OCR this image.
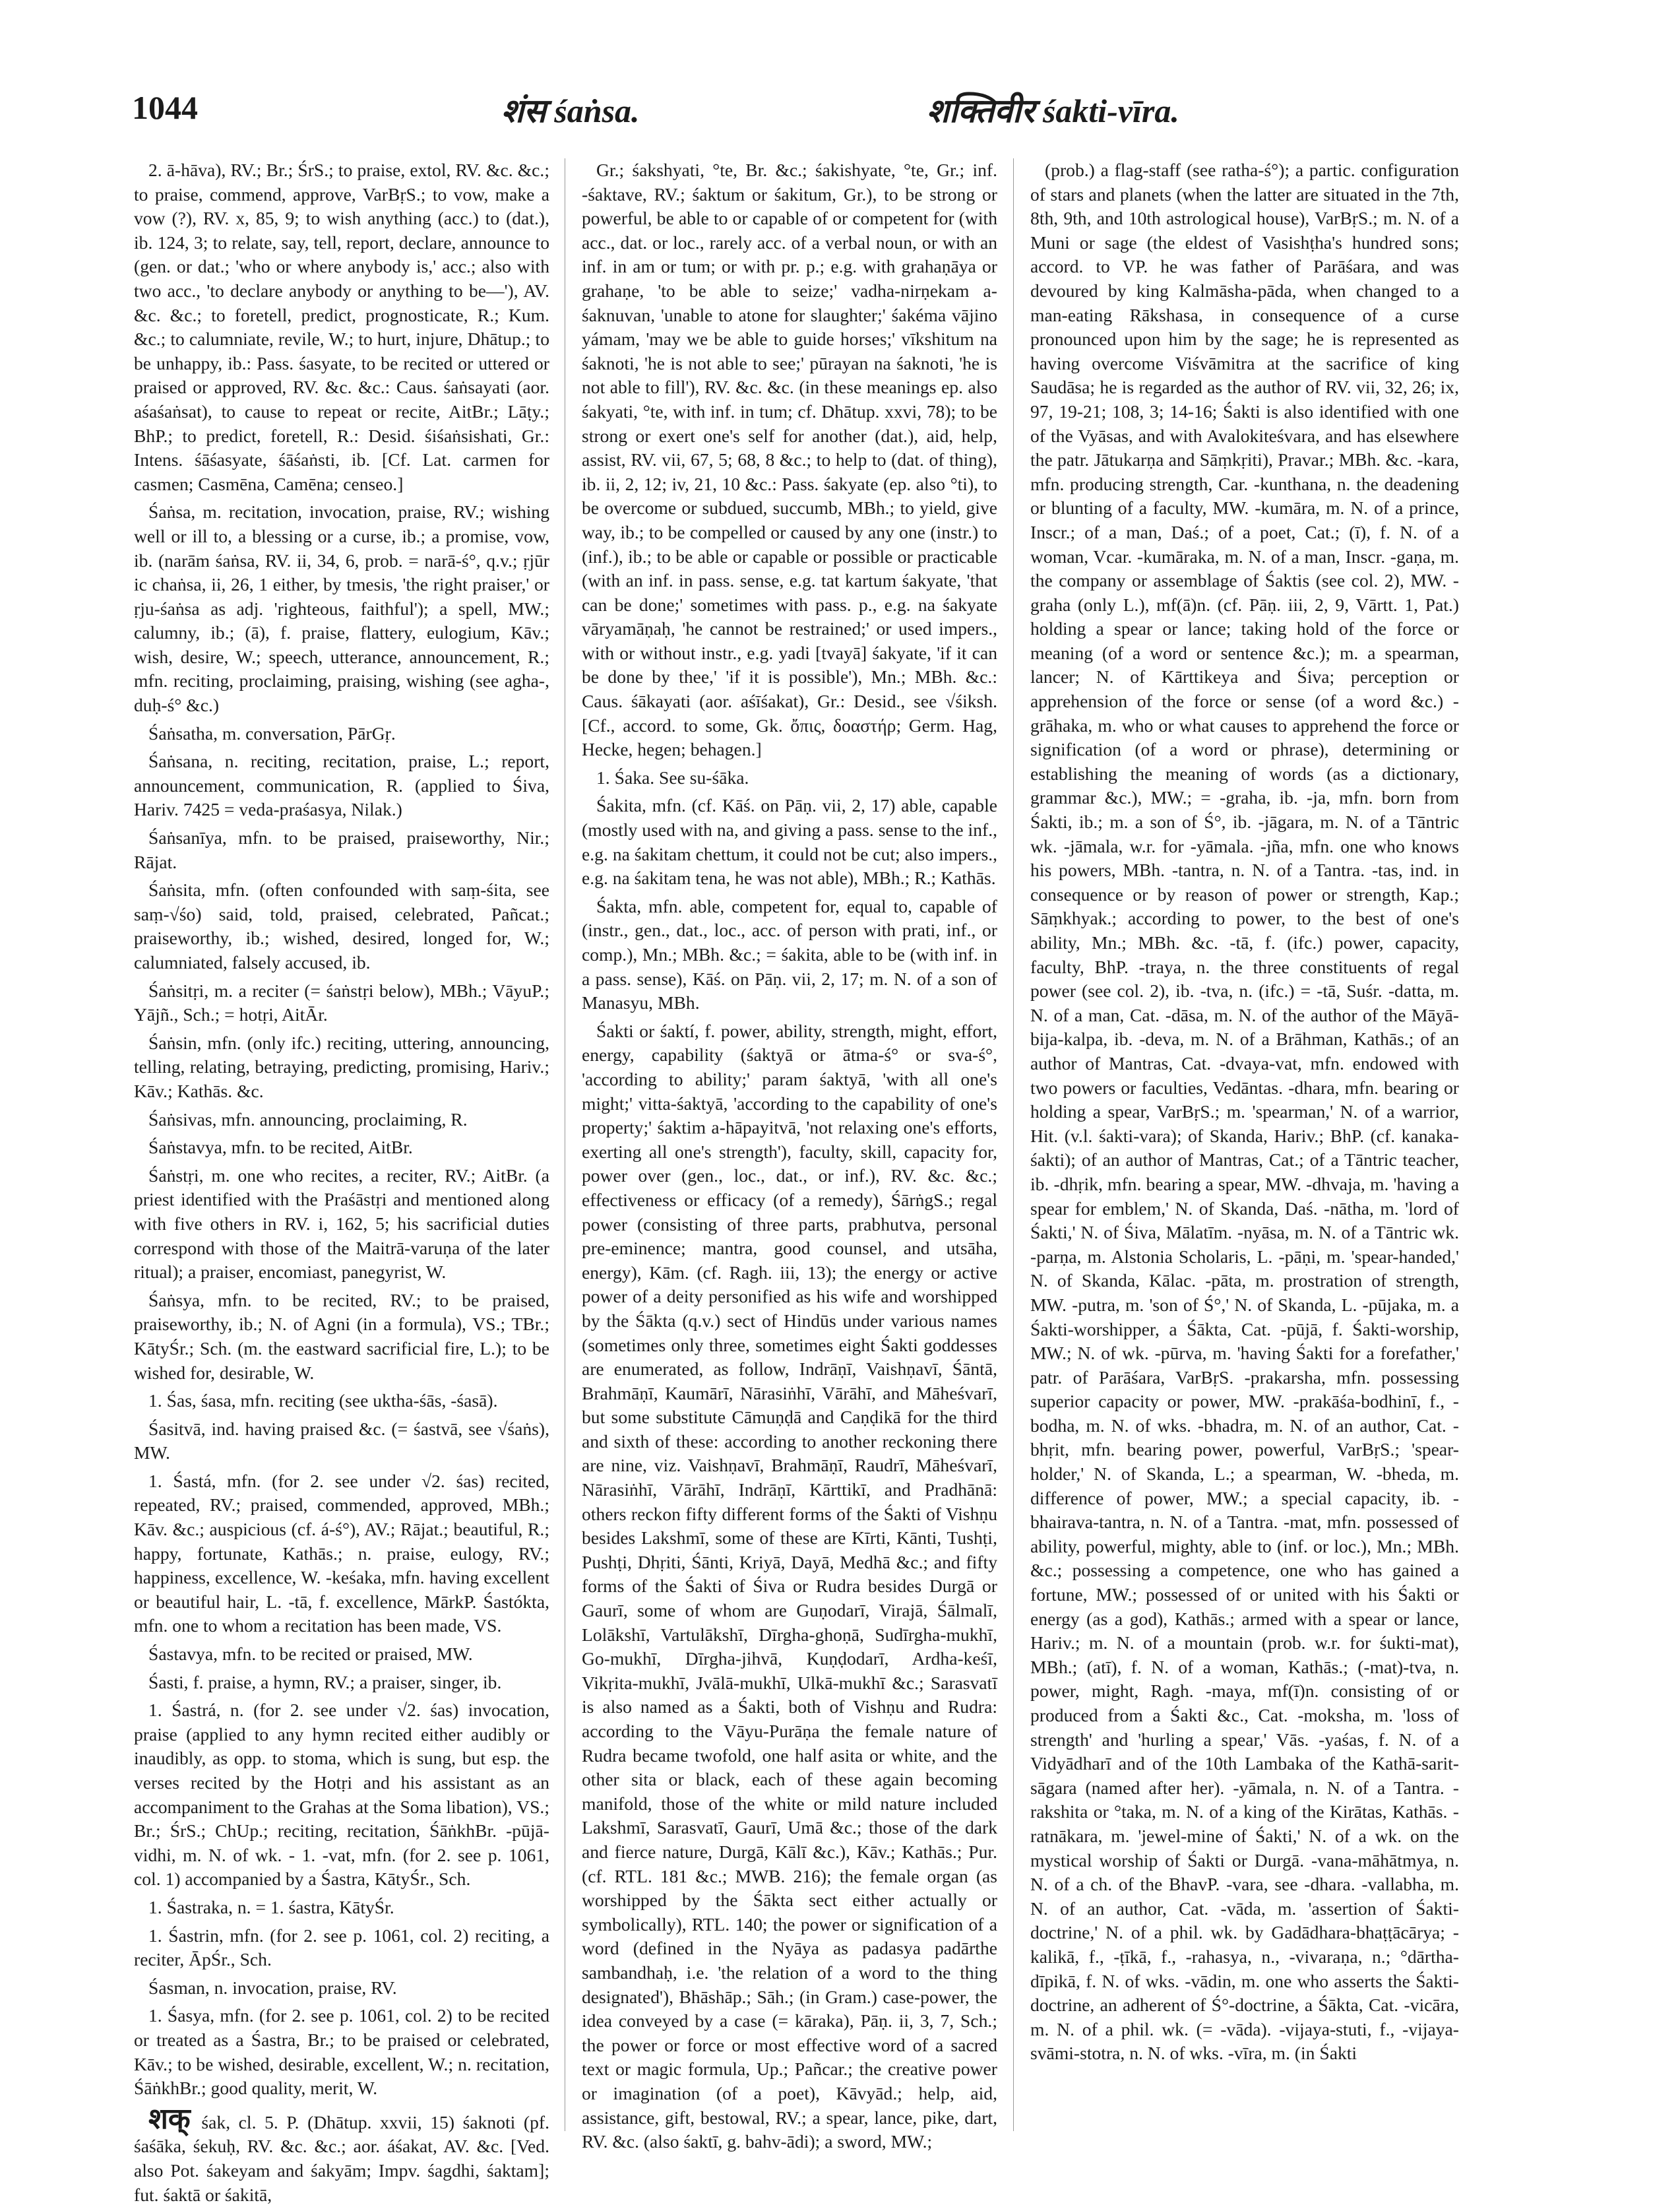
1044	शंस śaṅsa.	शक्तिवीर śakti-vīra.

2. ā-hāva), RV.; Br.; ŚrS.; to praise, extol, RV. &c. &c.; to praise, commend, approve, VarBṛS.; to vow, make a vow (?), RV. x, 85, 9; to wish anything (acc.) to (dat.), ib. 124, 3; to relate, say, tell, report, declare, announce to (gen. or dat.; 'who or where anybody is,' acc.; also with two acc., 'to declare anybody or anything to be—'), AV. &c. &c.; to foretell, predict, prognosticate, R.; Kum. &c.; to calumniate, revile, W.; to hurt, injure, Dhātup.; to be unhappy, ib.: Pass. śasyate, to be recited or uttered or praised or approved, RV. &c. &c.: Caus. śaṅsayati (aor. aśaśaṅsat), to cause to repeat or recite, AitBr.; Lāṭy.; BhP.; to predict, foretell, R.: Desid. śiśaṅsishati, Gr.: Intens. śāśasyate, śāśaṅsti, ib. [Cf. Lat. carmen for casmen; Casmēna, Camēna; censeo.]

Śaṅsa, m. recitation, invocation, praise, RV.; wishing well or ill to, a blessing or a curse, ib.; a promise, vow, ib. (narām śaṅsa, RV. ii, 34, 6, prob. = narā-ś°, q.v.; ṛjūr ic chaṅsa, ii, 26, 1 either, by tmesis, 'the right praiser,' or ṛju-śaṅsa as adj. 'righteous, faithful'); a spell, MW.; calumny, ib.; (ā), f. praise, flattery, eulogium, Kāv.; wish, desire, W.; speech, utterance, announcement, R.; mfn. reciting, proclaiming, praising, wishing (see agha-, duḥ-ś° &c.)

Śaṅsatha, m. conversation, PārGṛ.

Śaṅsana, n. reciting, recitation, praise, L.; report, announcement, communication, R. (applied to Śiva, Hariv. 7425 = veda-praśasya, Nilak.)

Śaṅsanīya, mfn. to be praised, praiseworthy, Nir.; Rājat.

Śaṅsita, mfn. (often confounded with saṃ-śita, see saṃ-√śo) said, told, praised, celebrated, Pañcat.; praiseworthy, ib.; wished, desired, longed for, W.; calumniated, falsely accused, ib.

Śaṅsitṛi, m. a reciter (= śaṅstṛi below), MBh.; VāyuP.; Yājñ., Sch.; = hotṛi, AitĀr.

Śaṅsin, mfn. (only ifc.) reciting, uttering, announcing, telling, relating, betraying, predicting, promising, Hariv.; Kāv.; Kathās. &c.

Śaṅsivas, mfn. announcing, proclaiming, R.

Śaṅstavya, mfn. to be recited, AitBr.

Śaṅstṛi, m. one who recites, a reciter, RV.; AitBr. (a priest identified with the Praśāstṛi and mentioned along with five others in RV. i, 162, 5; his sacrificial duties correspond with those of the Maitrā-varuṇa of the later ritual); a praiser, encomiast, panegyrist, W.

Śaṅsya, mfn. to be recited, RV.; to be praised, praiseworthy, ib.; N. of Agni (in a formula), VS.; TBr.; KātyŚr.; Sch. (m. the eastward sacrificial fire, L.); to be wished for, desirable, W.

1. Śas, śasa, mfn. reciting (see uktha-śās, -śasā).

Śasitvā, ind. having praised &c. (= śastvā, see √śaṅs), MW.

1. Śastá, mfn. (for 2. see under √2. śas) recited, repeated, RV.; praised, commended, approved, MBh.; Kāv. &c.; auspicious (cf. á-ś°), AV.; Rājat.; beautiful, R.; happy, fortunate, Kathās.; n. praise, eulogy, RV.; happiness, excellence, W. -keśaka, mfn. having excellent or beautiful hair, L. -tā, f. excellence, MārkP. Śastókta, mfn. one to whom a recitation has been made, VS.

Śastavya, mfn. to be recited or praised, MW.

Śasti, f. praise, a hymn, RV.; a praiser, singer, ib.

1. Śastrá, n. (for 2. see under √2. śas) invocation, praise (applied to any hymn recited either audibly or inaudibly, as opp. to stoma, which is sung, but esp. the verses recited by the Hotṛi and his assistant as an accompaniment to the Grahas at the Soma libation), VS.; Br.; ŚrS.; ChUp.; reciting, recitation, ŚāṅkhBr. -pūjā-vidhi, m. N. of wk. - 1. -vat, mfn. (for 2. see p. 1061, col. 1) accompanied by a Śastra, KātyŚr., Sch.

1. Śastraka, n. = 1. śastra, KātyŚr.

1. Śastrin, mfn. (for 2. see p. 1061, col. 2) reciting, a reciter, ĀpŚr., Sch.

Śasman, n. invocation, praise, RV.

1. Śasya, mfn. (for 2. see p. 1061, col. 2) to be recited or treated as a Śastra, Br.; to be praised or celebrated, Kāv.; to be wished, desirable, excellent, W.; n. recitation, ŚāṅkhBr.; good quality, merit, W.

शक् śak, cl. 5. P. (Dhātup. xxvii, 15) śaknoti (pf. śaśāka, śekuḥ, RV. &c. &c.; aor. áśakat, AV. &c. [Ved. also Pot. śakeyam and śakyām; Impv. śagdhi, śaktam]; fut. śaktā or śakitā,

Gr.; śakshyati, °te, Br. &c.; śakishyate, °te, Gr.; inf. -śaktave, RV.; śaktum or śakitum, Gr.), to be strong or powerful, be able to or capable of or competent for (with acc., dat. or loc., rarely acc. of a verbal noun, or with an inf. in am or tum; or with pr. p.; e.g. with grahaṇāya or grahaṇe, 'to be able to seize;' vadha-nirṇekam a-śaknuvan, 'unable to atone for slaughter;' śakéma vājino yámam, 'may we be able to guide horses;' vīkshitum na śaknoti, 'he is not able to see;' pūrayan na śaknoti, 'he is not able to fill'), RV. &c. &c. (in these meanings ep. also śakyati, °te, with inf. in tum; cf. Dhātup. xxvi, 78); to be strong or exert one's self for another (dat.), aid, help, assist, RV. vii, 67, 5; 68, 8 &c.; to help to (dat. of thing), ib. ii, 2, 12; iv, 21, 10 &c.: Pass. śakyate (ep. also °ti), to be overcome or subdued, succumb, MBh.; to yield, give way, ib.; to be compelled or caused by any one (instr.) to (inf.), ib.; to be able or capable or possible or practicable (with an inf. in pass. sense, e.g. tat kartum śakyate, 'that can be done;' sometimes with pass. p., e.g. na śakyate vāryamāṇaḥ, 'he cannot be restrained;' or used impers., with or without instr., e.g. yadi [tvayā] śakyate, 'if it can be done by thee,' 'if it is possible'), Mn.; MBh. &c.: Caus. śākayati (aor. aśīśakat), Gr.: Desid., see √śiksh. [Cf., accord. to some, Gk. ὄπις, δοαστήρ; Germ. Hag, Hecke, hegen; behagen.]

1. Śaka. See su-śāka.

Śakita, mfn. (cf. Kāś. on Pāṇ. vii, 2, 17) able, capable (mostly used with na, and giving a pass. sense to the inf., e.g. na śakitam chettum, it could not be cut; also impers., e.g. na śakitam tena, he was not able), MBh.; R.; Kathās.

Śakta, mfn. able, competent for, equal to, capable of (instr., gen., dat., loc., acc. of person with prati, inf., or comp.), Mn.; MBh. &c.; = śakita, able to be (with inf. in a pass. sense), Kāś. on Pāṇ. vii, 2, 17; m. N. of a son of Manasyu, MBh.

Śakti or śaktí, f. power, ability, strength, might, effort, energy, capability (śaktyā or ātma-ś° or sva-ś°, 'according to ability;' param śaktyā, 'with all one's might;' vitta-śaktyā, 'according to the capability of one's property;' śaktim a-hāpayitvā, 'not relaxing one's efforts, exerting all one's strength'), faculty, skill, capacity for, power over (gen., loc., dat., or inf.), RV. &c. &c.; effectiveness or efficacy (of a remedy), ŚārṅgS.; regal power (consisting of three parts, prabhutva, personal pre-eminence; mantra, good counsel, and utsāha, energy), Kām. (cf. Ragh. iii, 13); the energy or active power of a deity personified as his wife and worshipped by the Śākta (q.v.) sect of Hindūs under various names (sometimes only three, sometimes eight Śakti goddesses are enumerated, as follow, Indrāṇī, Vaishṇavī, Śāntā, Brahmāṇī, Kaumārī, Nārasiṅhī, Vārāhī, and Māheśvarī, but some substitute Cāmuṇḍā and Caṇḍikā for the third and sixth of these: according to another reckoning there are nine, viz. Vaishṇavī, Brahmāṇī, Raudrī, Māheśvarī, Nārasiṅhī, Vārāhī, Indrāṇī, Kārttikī, and Pradhānā: others reckon fifty different forms of the Śakti of Vishṇu besides Lakshmī, some of these are Kīrti, Kānti, Tushṭi, Pushṭi, Dhṛiti, Śānti, Kriyā, Dayā, Medhā &c.; and fifty forms of the Śakti of Śiva or Rudra besides Durgā or Gaurī, some of whom are Guṇodarī, Virajā, Śālmalī, Lolākshī, Vartulākshī, Dīrgha-ghoṇā, Sudīrgha-mukhī, Go-mukhī, Dīrgha-jihvā, Kuṇḍodarī, Ardha-keśī, Vikṛita-mukhī, Jvālā-mukhī, Ulkā-mukhī &c.; Sarasvatī is also named as a Śakti, both of Vishṇu and Rudra: according to the Vāyu-Purāṇa the female nature of Rudra became twofold, one half asita or white, and the other sita or black, each of these again becoming manifold, those of the white or mild nature included Lakshmī, Sarasvatī, Gaurī, Umā &c.; those of the dark and fierce nature, Durgā, Kālī &c.), Kāv.; Kathās.; Pur. (cf. RTL. 181 &c.; MWB. 216); the female organ (as worshipped by the Śākta sect either actually or symbolically), RTL. 140; the power or signification of a word (defined in the Nyāya as padasya padārthe sambandhaḥ, i.e. 'the relation of a word to the thing designated'), Bhāshāp.; Sāh.; (in Gram.) case-power, the idea conveyed by a case (= kāraka), Pāṇ. ii, 3, 7, Sch.; the power or force or most effective word of a sacred text or magic formula, Up.; Pañcar.; the creative power or imagination (of a poet), Kāvyād.; help, aid, assistance, gift, bestowal, RV.; a spear, lance, pike, dart, RV. &c. (also śaktī, g. bahv-ādi); a sword, MW.;

(prob.) a flag-staff (see ratha-ś°); a partic. configuration of stars and planets (when the latter are situated in the 7th, 8th, 9th, and 10th astrological house), VarBṛS.; m. N. of a Muni or sage (the eldest of Vasishṭha's hundred sons; accord. to VP. he was father of Parāśara, and was devoured by king Kalmāsha-pāda, when changed to a man-eating Rākshasa, in consequence of a curse pronounced upon him by the sage; he is represented as having overcome Viśvāmitra at the sacrifice of king Saudāsa; he is regarded as the author of RV. vii, 32, 26; ix, 97, 19-21; 108, 3; 14-16; Śakti is also identified with one of the Vyāsas, and with Avalokiteśvara, and has elsewhere the patr. Jātukarṇa and Sāṃkṛiti), Pravar.; MBh. &c. -kara, mfn. producing strength, Car. -kunthana, n. the deadening or blunting of a faculty, MW. -kumāra, m. N. of a prince, Inscr.; of a man, Daś.; of a poet, Cat.; (ī), f. N. of a woman, Vcar. -kumāraka, m. N. of a man, Inscr. -gaṇa, m. the company or assemblage of Śaktis (see col. 2), MW. -graha (only L.), mf(ā)n. (cf. Pāṇ. iii, 2, 9, Vārtt. 1, Pat.) holding a spear or lance; taking hold of the force or meaning (of a word or sentence &c.); m. a spearman, lancer; N. of Kārttikeya and Śiva; perception or apprehension of the force or sense (of a word &c.) -grāhaka, m. who or what causes to apprehend the force or signification (of a word or phrase), determining or establishing the meaning of words (as a dictionary, grammar &c.), MW.; = -graha, ib. -ja, mfn. born from Śakti, ib.; m. a son of Ś°, ib. -jāgara, m. N. of a Tāntric wk. -jāmala, w.r. for -yāmala. -jña, mfn. one who knows his powers, MBh. -tantra, n. N. of a Tantra. -tas, ind. in consequence or by reason of power or strength, Kap.; Sāṃkhyak.; according to power, to the best of one's ability, Mn.; MBh. &c. -tā, f. (ifc.) power, capacity, faculty, BhP. -traya, n. the three constituents of regal power (see col. 2), ib. -tva, n. (ifc.) = -tā, Suśr. -datta, m. N. of a man, Cat. -dāsa, m. N. of the author of the Māyā-bija-kalpa, ib. -deva, m. N. of a Brāhman, Kathās.; of an author of Mantras, Cat. -dvaya-vat, mfn. endowed with two powers or faculties, Vedāntas. -dhara, mfn. bearing or holding a spear, VarBṛS.; m. 'spearman,' N. of a warrior, Hit. (v.l. śakti-vara); of Skanda, Hariv.; BhP. (cf. kanaka-śakti); of an author of Mantras, Cat.; of a Tāntric teacher, ib. -dhṛik, mfn. bearing a spear, MW. -dhvaja, m. 'having a spear for emblem,' N. of Skanda, Daś. -nātha, m. 'lord of Śakti,' N. of Śiva, Mālatīm. -nyāsa, m. N. of a Tāntric wk. -parṇa, m. Alstonia Scholaris, L. -pāṇi, m. 'spear-handed,' N. of Skanda, Kālac. -pāta, m. prostration of strength, MW. -putra, m. 'son of Ś°,' N. of Skanda, L. -pūjaka, m. a Śakti-worshipper, a Śākta, Cat. -pūjā, f. Śakti-worship, MW.; N. of wk. -pūrva, m. 'having Śakti for a forefather,' patr. of Parāśara, VarBṛS. -prakarsha, mfn. possessing superior capacity or power, MW. -prakāśa-bodhinī, f., -bodha, m. N. of wks. -bhadra, m. N. of an author, Cat. -bhṛit, mfn. bearing power, powerful, VarBṛS.; 'spear-holder,' N. of Skanda, L.; a spearman, W. -bheda, m. difference of power, MW.; a special capacity, ib. -bhairava-tantra, n. N. of a Tantra. -mat, mfn. possessed of ability, powerful, mighty, able to (inf. or loc.), Mn.; MBh. &c.; possessing a competence, one who has gained a fortune, MW.; possessed of or united with his Śakti or energy (as a god), Kathās.; armed with a spear or lance, Hariv.; m. N. of a mountain (prob. w.r. for śukti-mat), MBh.; (atī), f. N. of a woman, Kathās.; (-mat)-tva, n. power, might, Ragh. -maya, mf(ī)n. consisting of or produced from a Śakti &c., Cat. -moksha, m. 'loss of strength' and 'hurling a spear,' Vās. -yaśas, f. N. of a Vidyādharī and of the 10th Lambaka of the Kathā-sarit-sāgara (named after her). -yāmala, n. N. of a Tantra. -rakshita or °taka, m. N. of a king of the Kirātas, Kathās. -ratnākara, m. 'jewel-mine of Śakti,' N. of a wk. on the mystical worship of Śakti or Durgā. -vana-māhātmya, n. N. of a ch. of the BhavP. -vara, see -dhara. -vallabha, m. N. of an author, Cat. -vāda, m. 'assertion of Śakti-doctrine,' N. of a phil. wk. by Gadādhara-bhaṭṭācārya; -kalikā, f., -ṭīkā, f., -rahasya, n., -vivaraṇa, n.; °dārtha-dīpikā, f. N. of wks. -vādin, m. one who asserts the Śakti-doctrine, an adherent of Ś°-doctrine, a Śākta, Cat. -vicāra, m. N. of a phil. wk. (= -vāda). -vijaya-stuti, f., -vijaya-svāmi-stotra, n. N. of wks. -vīra, m. (in Śakti
